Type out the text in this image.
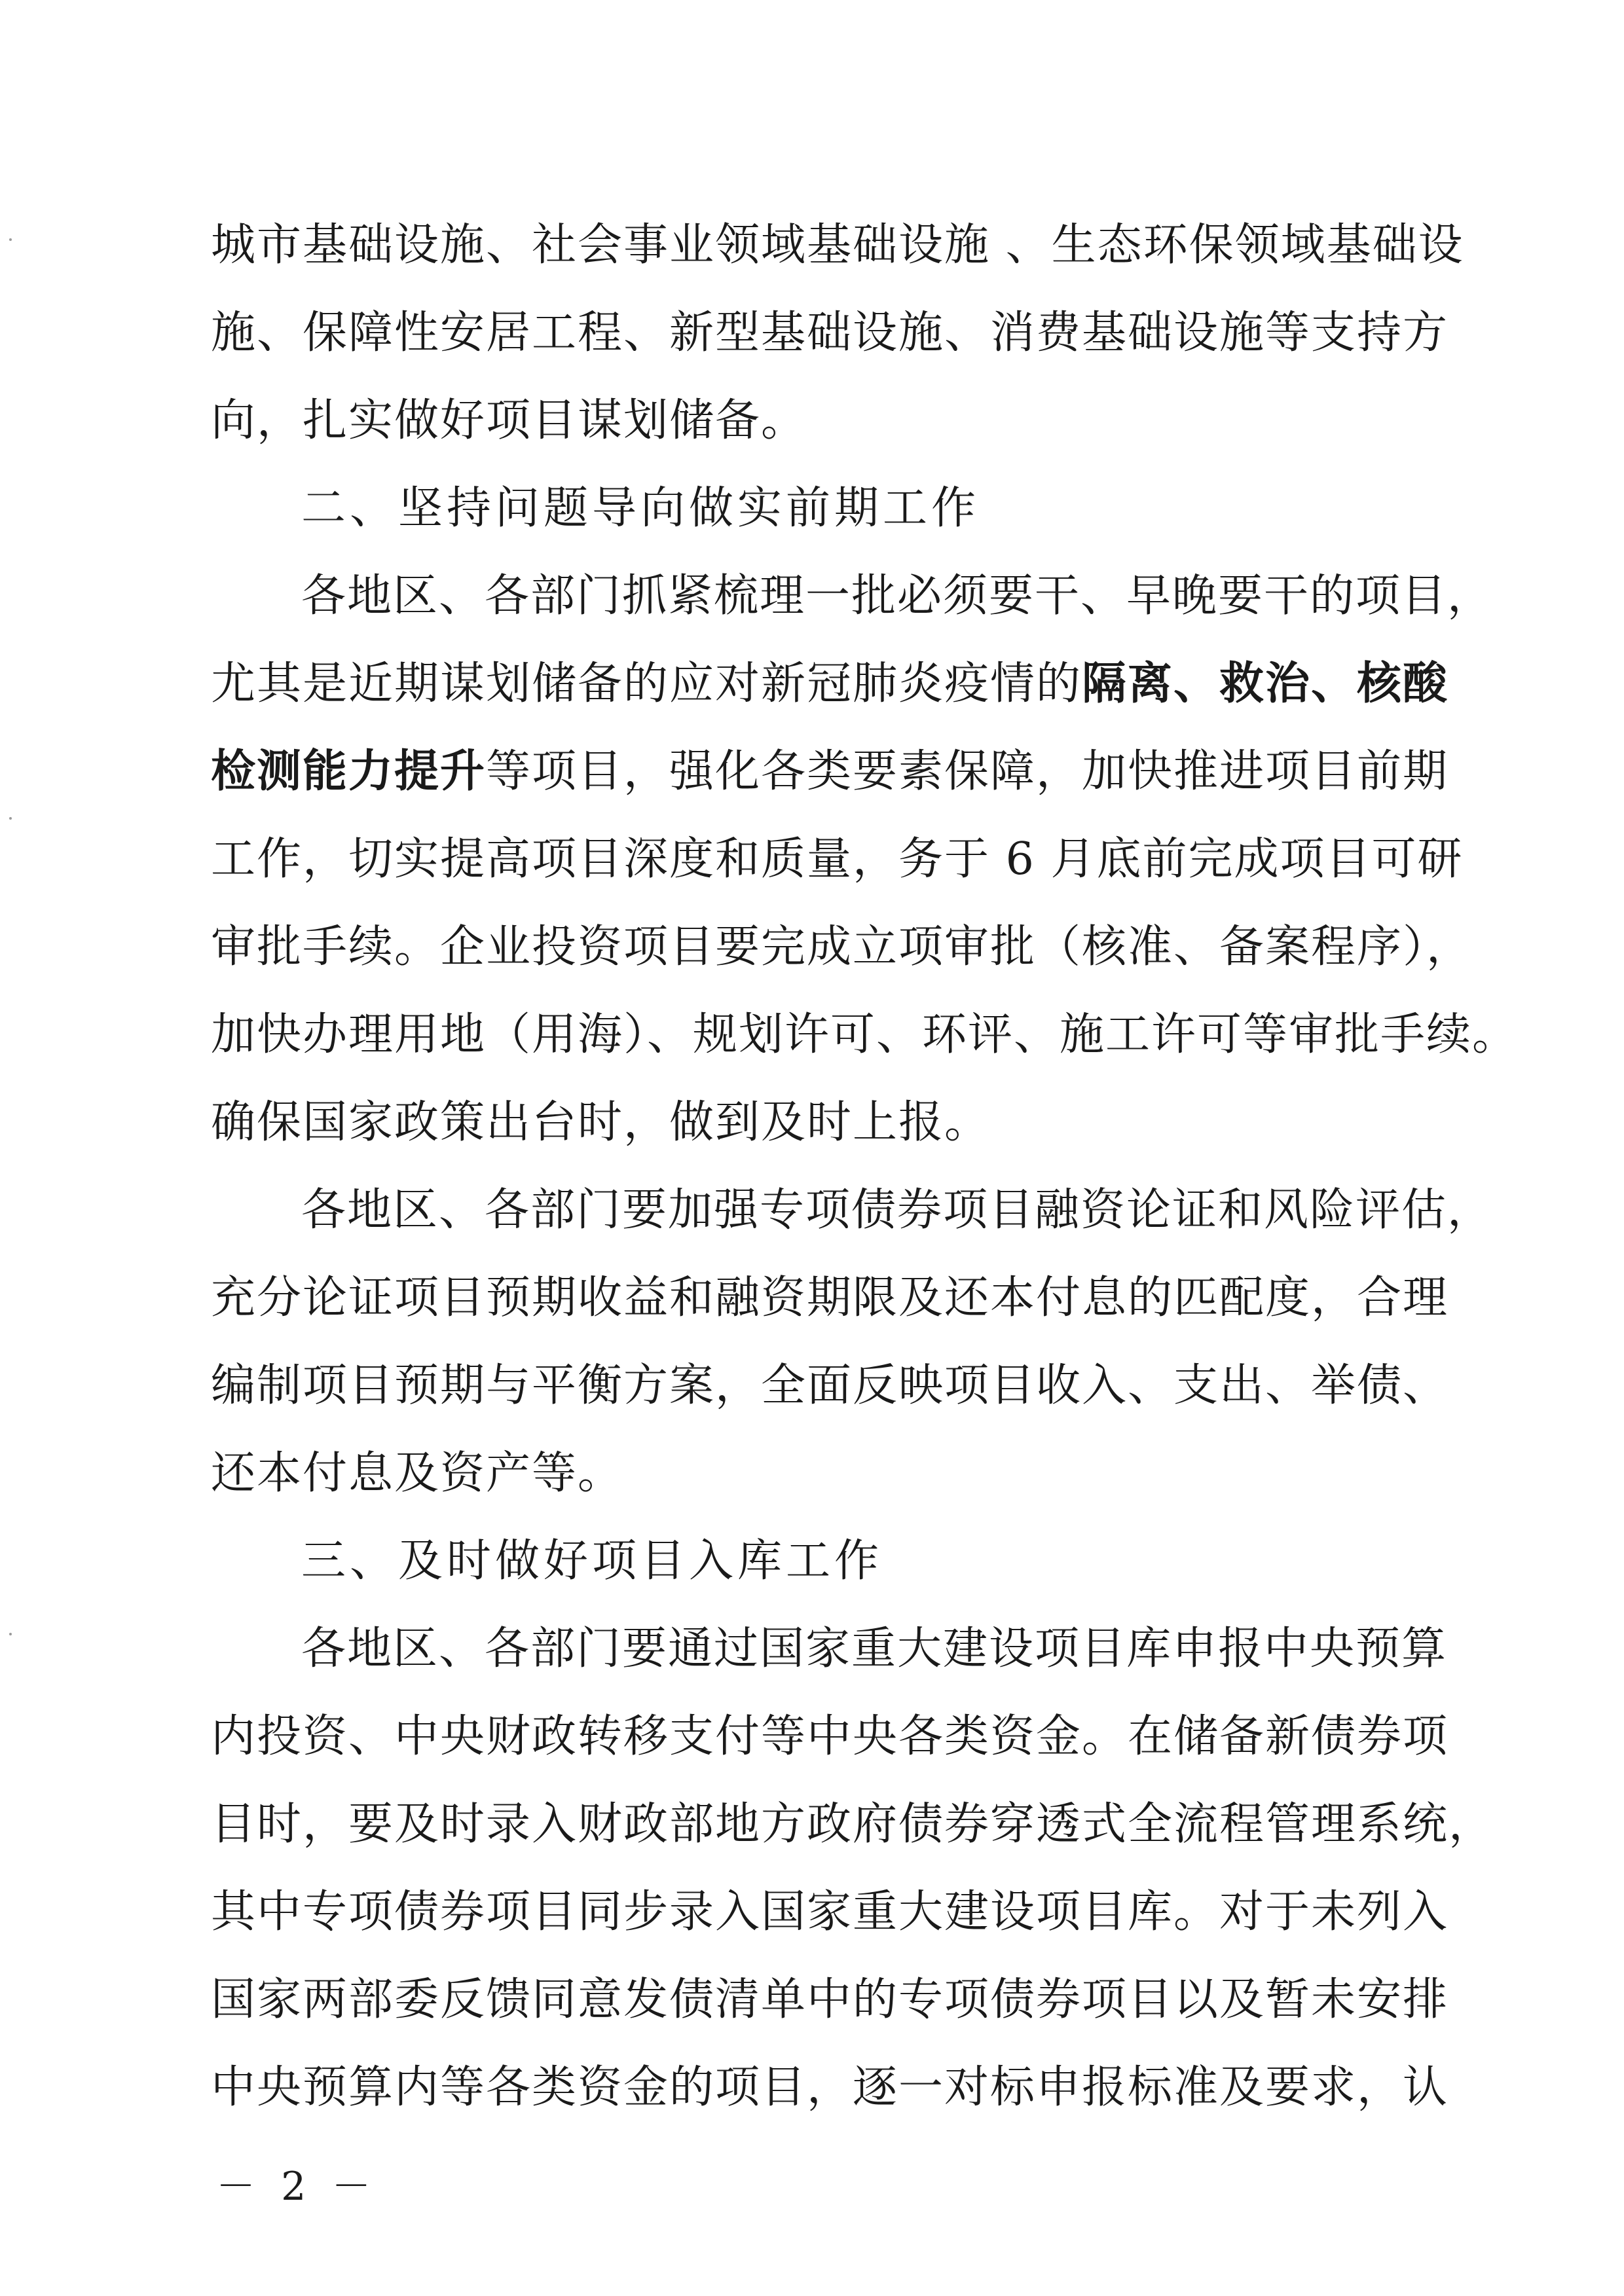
城市基础设施、社会事业领域基础设施 、生态环保领域基础设
施、保障性安居工程、新型基础设施、消费基础设施等支持方
向，扎实做好项目谋划储备。
二、坚持问题导向做实前期工作
各地区、各部门抓紧梳理一批必须要干、早晚要干的项目，
尤其是近期谋划储备的应对新冠肺炎疫情的隔离、救治、核酸
检测能力提升等项目，强化各类要素保障，加快推进项目前期
工作，切实提高项目深度和质量，务于 6 月底前完成项目可研
审批手续。企业投资项目要完成立项审批（核准、备案程序），
加快办理用地（用海）、规划许可、环评、施工许可等审批手续。
确保国家政策出台时，做到及时上报。
各地区、各部门要加强专项债券项目融资论证和风险评估，
充分论证项目预期收益和融资期限及还本付息的匹配度，合理
编制项目预期与平衡方案，全面反映项目收入、支出、举债、
还本付息及资产等。
三、及时做好项目入库工作
各地区、各部门要通过国家重大建设项目库申报中央预算
内投资、中央财政转移支付等中央各类资金。在储备新债券项
目时，要及时录入财政部地方政府债券穿透式全流程管理系统，
其中专项债券项目同步录入国家重大建设项目库。对于未列入
国家两部委反馈同意发债清单中的专项债券项目以及暂未安排
中央预算内等各类资金的项目，逐一对标申报标准及要求，认
－ 2 －
